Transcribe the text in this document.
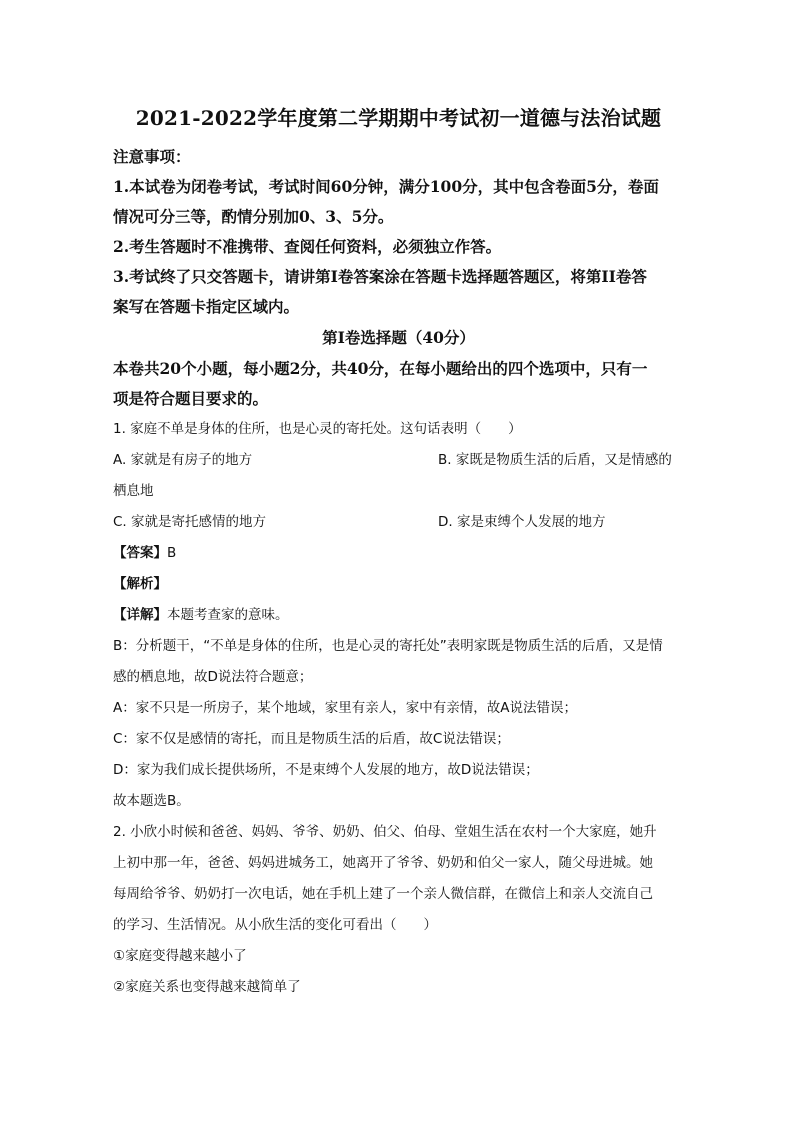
2021-2022学年度第二学期期中考试初一道德与法治试题

注意事项：

1.本试卷为闭卷考试，考试时间60分钟，满分100分，其中包含卷面5分，卷面

情况可分三等，酌情分别加0、3、5分。

2.考生答题时不准携带、查阅任何资料，必须独立作答。

3.考试终了只交答题卡，请讲第I卷答案涂在答题卡选择题答题区，将第II卷答

案写在答题卡指定区域内。

第I卷选择题（40分）

本卷共20个小题，每小题2分，共40分，在每小题给出的四个选项中，只有一

项是符合题目要求的。

1. 家庭不单是身体的住所，也是心灵的寄托处。这句话表明（　　）

A. 家就是有房子的地方	B. 家既是物质生活的后盾，又是情感的

栖息地

C. 家就是寄托感情的地方	D. 家是束缚个人发展的地方

【答案】B

【解析】

【详解】本题考查家的意味。

B：分析题干，“不单是身体的住所，也是心灵的寄托处”表明家既是物质生活的后盾，又是情

感的栖息地，故D说法符合题意；

A：家不只是一所房子，某个地域，家里有亲人，家中有亲情，故A说法错误；

C：家不仅是感情的寄托，而且是物质生活的后盾，故C说法错误；

D：家为我们成长提供场所，不是束缚个人发展的地方，故D说法错误；

故本题选B。

2. 小欣小时候和爸爸、妈妈、爷爷、奶奶、伯父、伯母、堂姐生活在农村一个大家庭，她升

上初中那一年，爸爸、妈妈进城务工，她离开了爷爷、奶奶和伯父一家人，随父母进城。她

每周给爷爷、奶奶打一次电话，她在手机上建了一个亲人微信群，在微信上和亲人交流自己

的学习、生活情况。从小欣生活的变化可看出（　　）

①家庭变得越来越小了

②家庭关系也变得越来越简单了
